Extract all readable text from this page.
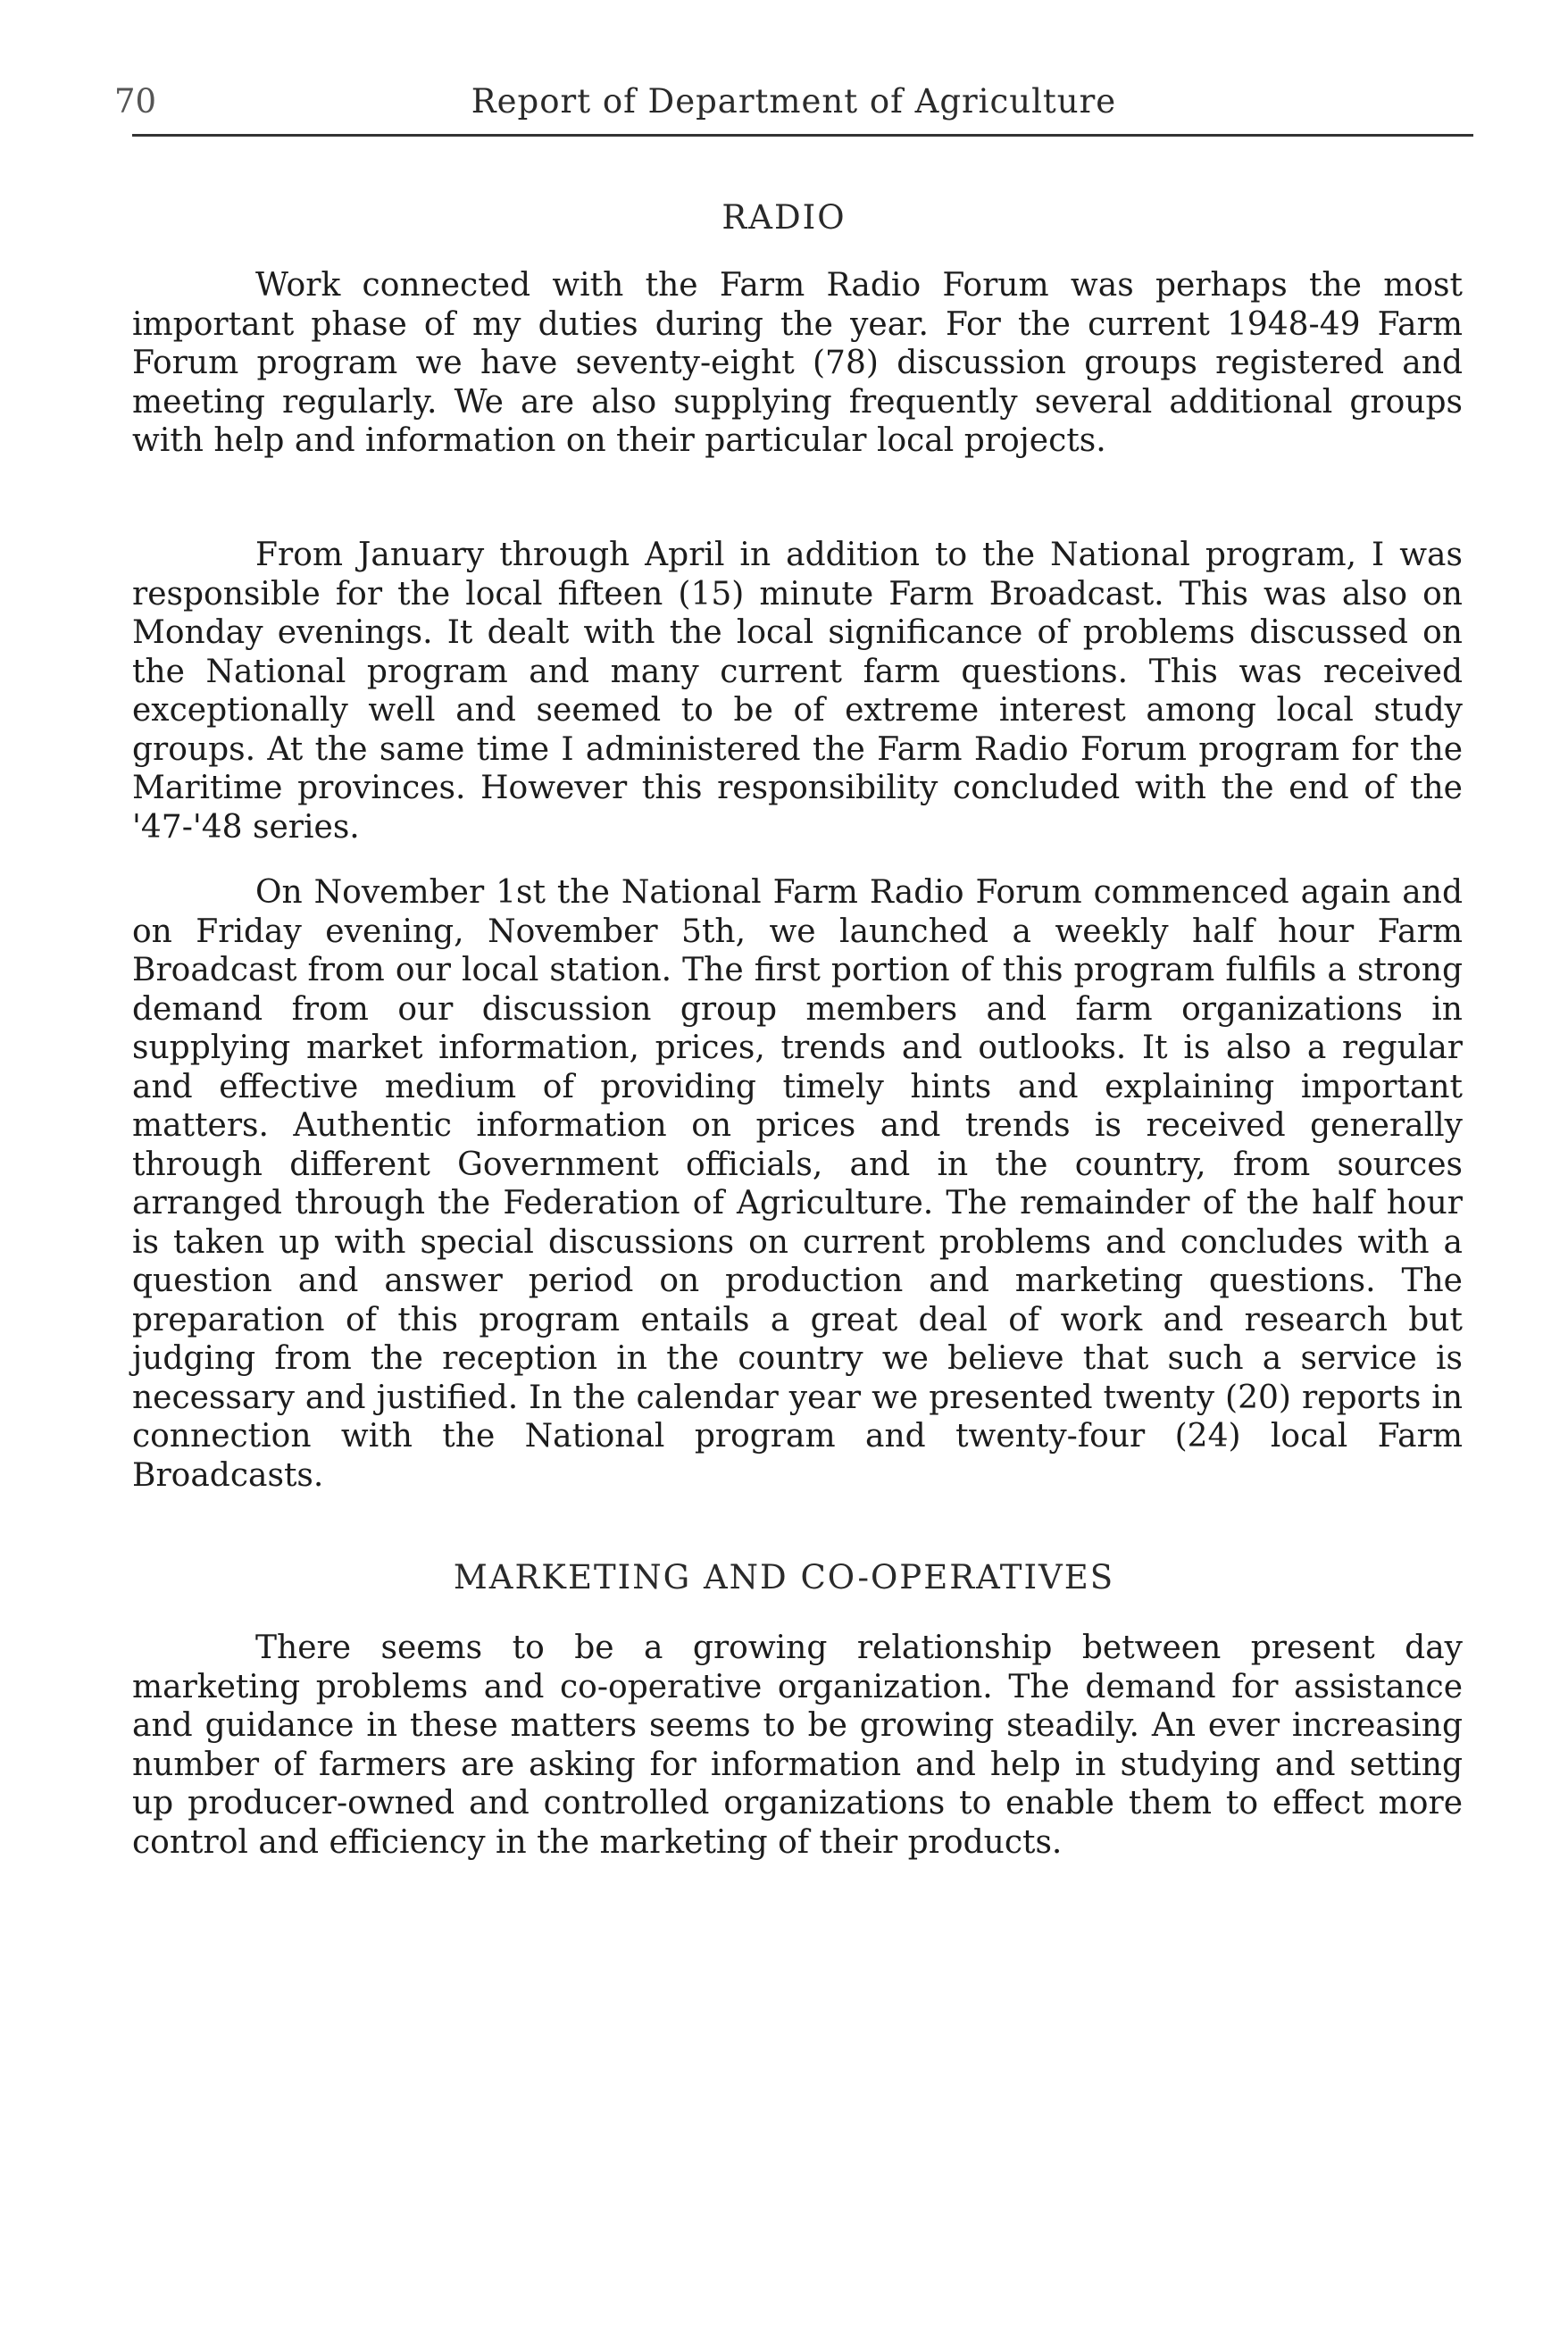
70	Report of Department of Agriculture
RADIO

Work connected with the Farm Radio Forum was perhaps the most important phase of my duties during the year. For the current 1948-49 Farm Forum program we have seventy-eight (78) discussion groups registered and meeting regularly. We are also supplying frequently several additional groups with help and information on their particular local projects.

From January through April in addition to the National program, I was responsible for the local fifteen (15) minute Farm Broadcast. This was also on Monday evenings. It dealt with the local significance of problems discussed on the National program and many current farm questions. This was received exceptionally well and seemed to be of extreme interest among local study groups. At the same time I administered the Farm Radio Forum program for the Maritime provinces. However this responsibility concluded with the end of the '47-'48 series.

On November 1st the National Farm Radio Forum commenced again and on Friday evening, November 5th, we launched a weekly half hour Farm Broadcast from our local station. The first portion of this program fulfils a strong demand from our discussion group members and farm organizations in supplying market information, prices, trends and outlooks. It is also a regular and effective medium of providing timely hints and explaining important matters. Authentic information on prices and trends is received generally through different Government officials, and in the country, from sources arranged through the Federation of Agriculture. The remainder of the half hour is taken up with special discussions on current problems and concludes with a question and answer period on production and marketing questions. The preparation of this program entails a great deal of work and research but judging from the reception in the country we believe that such a service is necessary and justified. In the calendar year we presented twenty (20) reports in connection with the National program and twenty-four (24) local Farm Broadcasts.

MARKETING AND CO-OPERATIVES

There seems to be a growing relationship between present day marketing problems and co-operative organization. The demand for assistance and guidance in these matters seems to be growing steadily. An ever increasing number of farmers are asking for information and help in studying and setting up producer-owned and controlled organizations to enable them to effect more control and efficiency in the marketing of their products.
